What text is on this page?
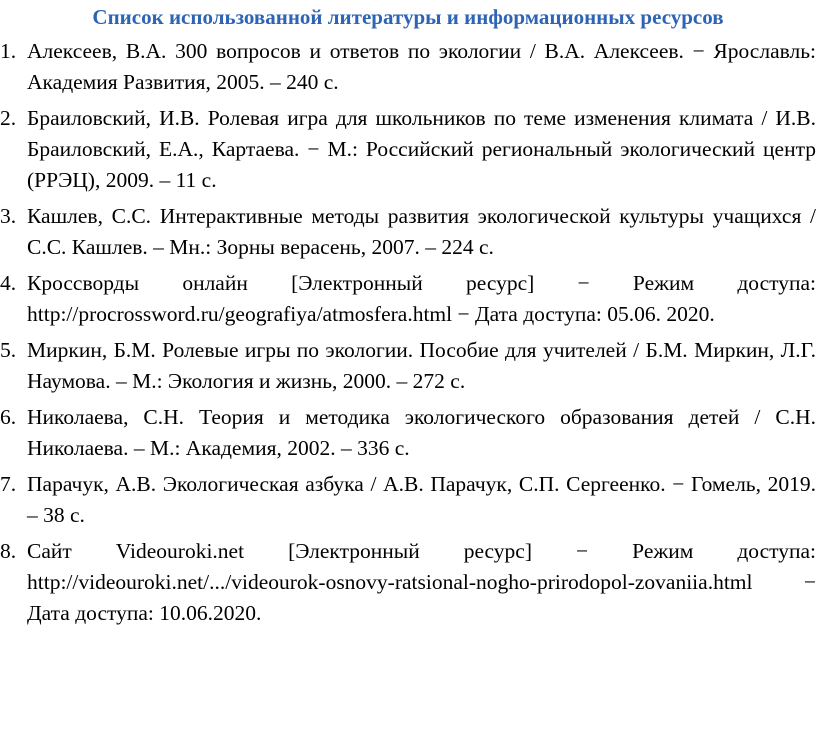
Список использованной литературы и информационных ресурсов
1. Алексеев, В.А. 300 вопросов и ответов по экологии / В.А. Алексеев. − Ярославль: Академия Развития, 2005. – 240 с.
2. Браиловский, И.В. Ролевая игра для школьников по теме изменения климата / И.В. Браиловский, Е.А., Картаева. − М.: Российский региональный экологический центр (РРЭЦ), 2009. – 11 с.
3. Кашлев, С.С. Интерактивные методы развития экологической культуры учащихся / С.С. Кашлев. – Мн.: Зорны верасень, 2007. – 224 с.
4. Кроссворды онлайн [Электронный ресурс] − Режим доступа: http://procrossword.ru/geografiya/atmosfera.html − Дата доступа: 05.06. 2020.
5. Миркин, Б.М. Ролевые игры по экологии. Пособие для учителей / Б.М. Миркин, Л.Г. Наумова. – М.: Экология и жизнь, 2000. – 272 с.
6. Николаева, С.Н. Теория и методика экологического образования детей / С.Н. Николаева. – М.: Академия, 2002. – 336 с.
7. Парачук, А.В. Экологическая азбука / А.В. Парачук, С.П. Сергеенко. − Гомель, 2019. – 38 с.
8. Сайт Videouroki.net [Электронный ресурс] − Режим доступа: http://videouroki.net/.../videourok-osnovy-ratsional-nogho-prirodopol-zovaniia.html − Дата доступа: 10.06.2020.
